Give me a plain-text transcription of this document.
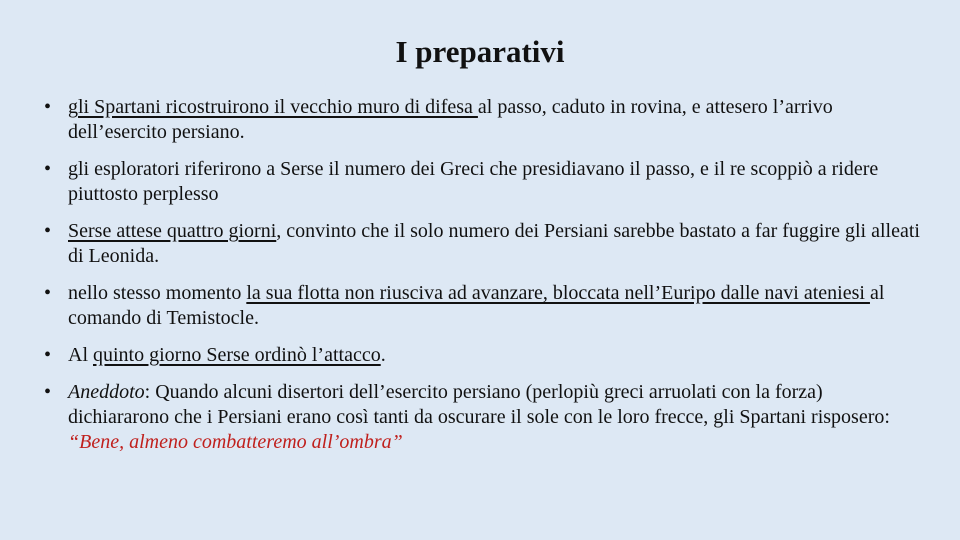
I preparativi
• gli Spartani ricostruirono il vecchio muro di difesa al passo, caduto in rovina, e attesero l’arrivo dell’esercito persiano.
• gli esploratori riferirono a Serse il numero dei Greci che presidiavano il passo, e il re scoppiò a ridere piuttosto perplesso
• Serse attese quattro giorni, convinto che il solo numero dei Persiani sarebbe bastato a far fuggire gli alleati di Leonida.
• nello stesso momento la sua flotta non riusciva ad avanzare, bloccata nell’Euripo dalle navi ateniesi al comando di Temistocle.
• Al quinto giorno Serse ordinò l’attacco.
• Aneddoto: Quando alcuni disertori dell’esercito persiano (perlopiù greci arruolati con la forza) dichiararono che i Persiani erano così tanti da oscurare il sole con le loro frecce, gli Spartani risposero: “Bene, almeno combatteremo all’ombra”
